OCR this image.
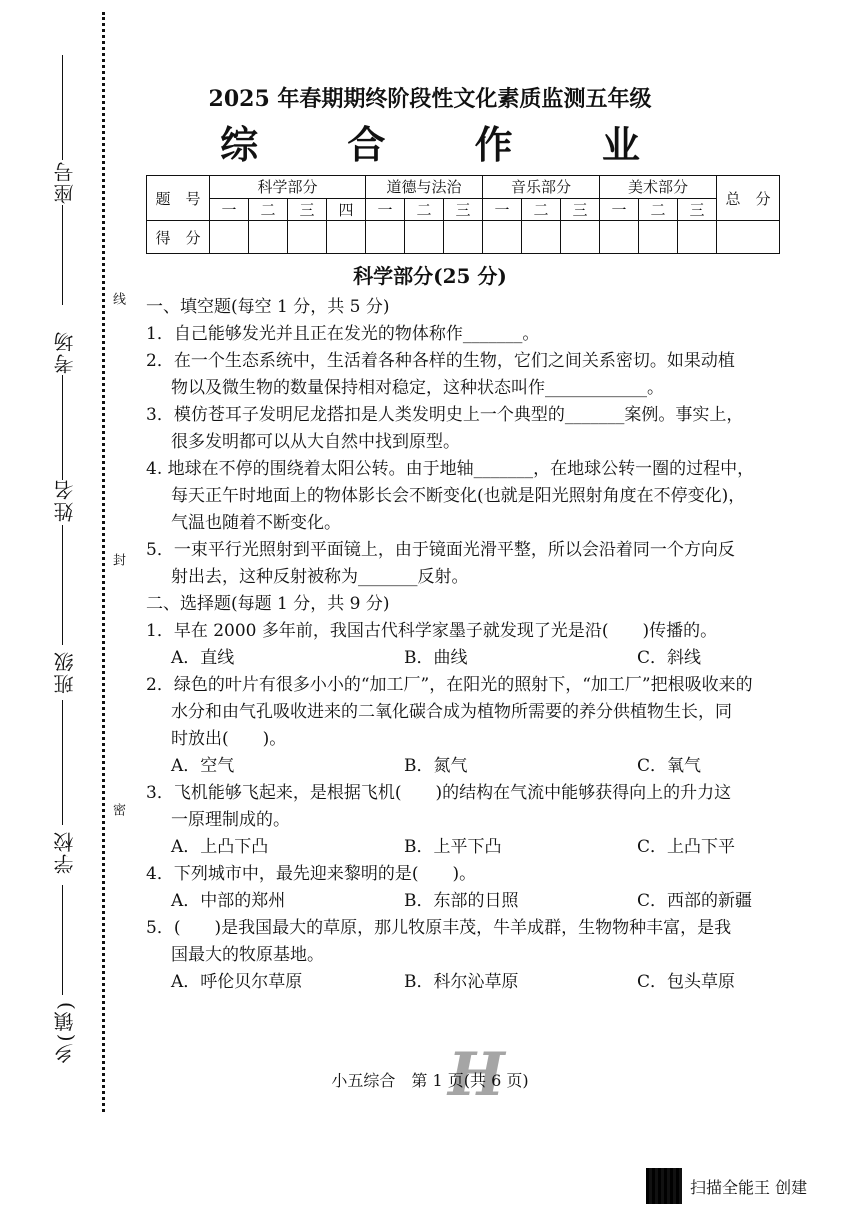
座号
考场
姓名
班级
学校
乡(镇)
线
封
密
2025 年春期期终阶段性文化素质监测五年级
综 合 作 业
题　号	科学部分				道德与法治			音乐部分			美术部分			总　分
	一	二	三	四	一	二	三	一	二	三	一	二	三	
得　分														
科学部分(25 分)
一、填空题(每空 1 分，共 5 分)
1．自己能够发光并且正在发光的物体称作_______。
2．在一个生态系统中，生活着各种各样的生物，它们之间关系密切。如果动植
物以及微生物的数量保持相对稳定，这种状态叫作____________。
3．模仿苍耳子发明尼龙搭扣是人类发明史上一个典型的_______案例。事实上，
很多发明都可以从大自然中找到原型。
4. 地球在不停的围绕着太阳公转。由于地轴_______，在地球公转一圈的过程中，
每天正午时地面上的物体影长会不断变化(也就是阳光照射角度在不停变化)，
气温也随着不断变化。
5．一束平行光照射到平面镜上，由于镜面光滑平整，所以会沿着同一个方向反
射出去，这种反射被称为_______反射。
二、选择题(每题 1 分，共 9 分)
1．早在 2000 多年前，我国古代科学家墨子就发现了光是沿(　　)传播的。
A．直线	B．曲线	C．斜线
2．绿色的叶片有很多小小的“加工厂”，在阳光的照射下，“加工厂”把根吸收来的
水分和由气孔吸收进来的二氧化碳合成为植物所需要的养分供植物生长，同
时放出(　　)。
A．空气	B．氮气	C．氧气
3．飞机能够飞起来，是根据飞机(　　)的结构在气流中能够获得向上的升力这
一原理制成的。
A．上凸下凸	B．上平下凸	C．上凸下平
4．下列城市中，最先迎来黎明的是(　　)。
A．中部的郑州	B．东部的日照	C．西部的新疆
5．(　　)是我国最大的草原，那儿牧原丰茂，牛羊成群，生物物种丰富，是我
国最大的牧原基地。
A．呼伦贝尔草原	B．科尔沁草原	C．包头草原
H
小五综合　第 1 页(共 6 页)
扫描全能王 创建
